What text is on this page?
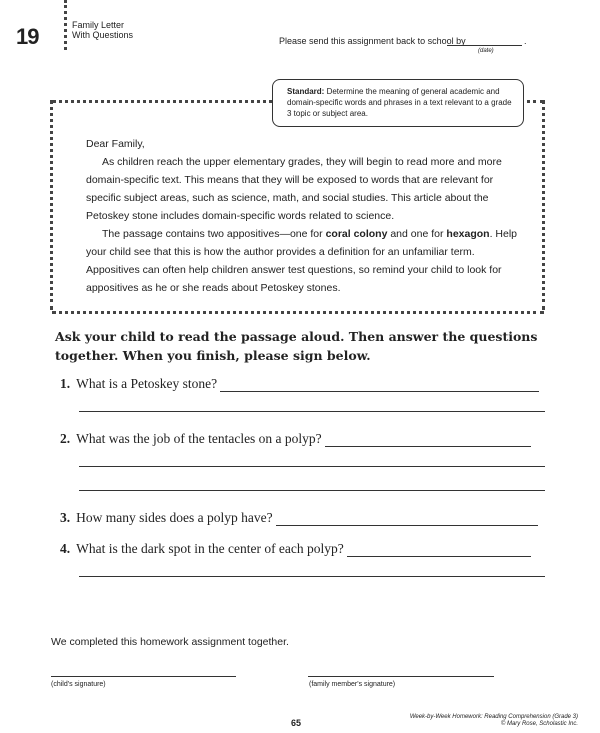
19	Family Letter
With Questions
Please send this assignment back to school by	.
(date)
Standard: Determine the meaning of general academic and domain-specific words and phrases in a text relevant to a grade 3 topic or subject area.

Dear Family,

As children reach the upper elementary grades, they will begin to read more and more domain-specific text. This means that they will be exposed to words that are relevant for specific subject areas, such as science, math, and social studies. This article about the Petoskey stone includes domain-specific words related to science.

The passage contains two appositives—one for coral colony and one for hexagon. Help your child see that this is how the author provides a definition for an unfamiliar term. Appositives can often help children answer test questions, so remind your child to look for appositives as he or she reads about Petoskey stones.

Ask your child to read the passage aloud. Then answer the questions together. When you finish, please sign below.
1. What is a Petoskey stone?
2. What was the job of the tentacles on a polyp?
3. How many sides does a polyp have?
4. What is the dark spot in the center of each polyp?
We completed this homework assignment together.
(child's signature)	(family member's signature)
65
Week-by-Week Homework: Reading Comprehension (Grade 3)
© Mary Rose, Scholastic Inc.
